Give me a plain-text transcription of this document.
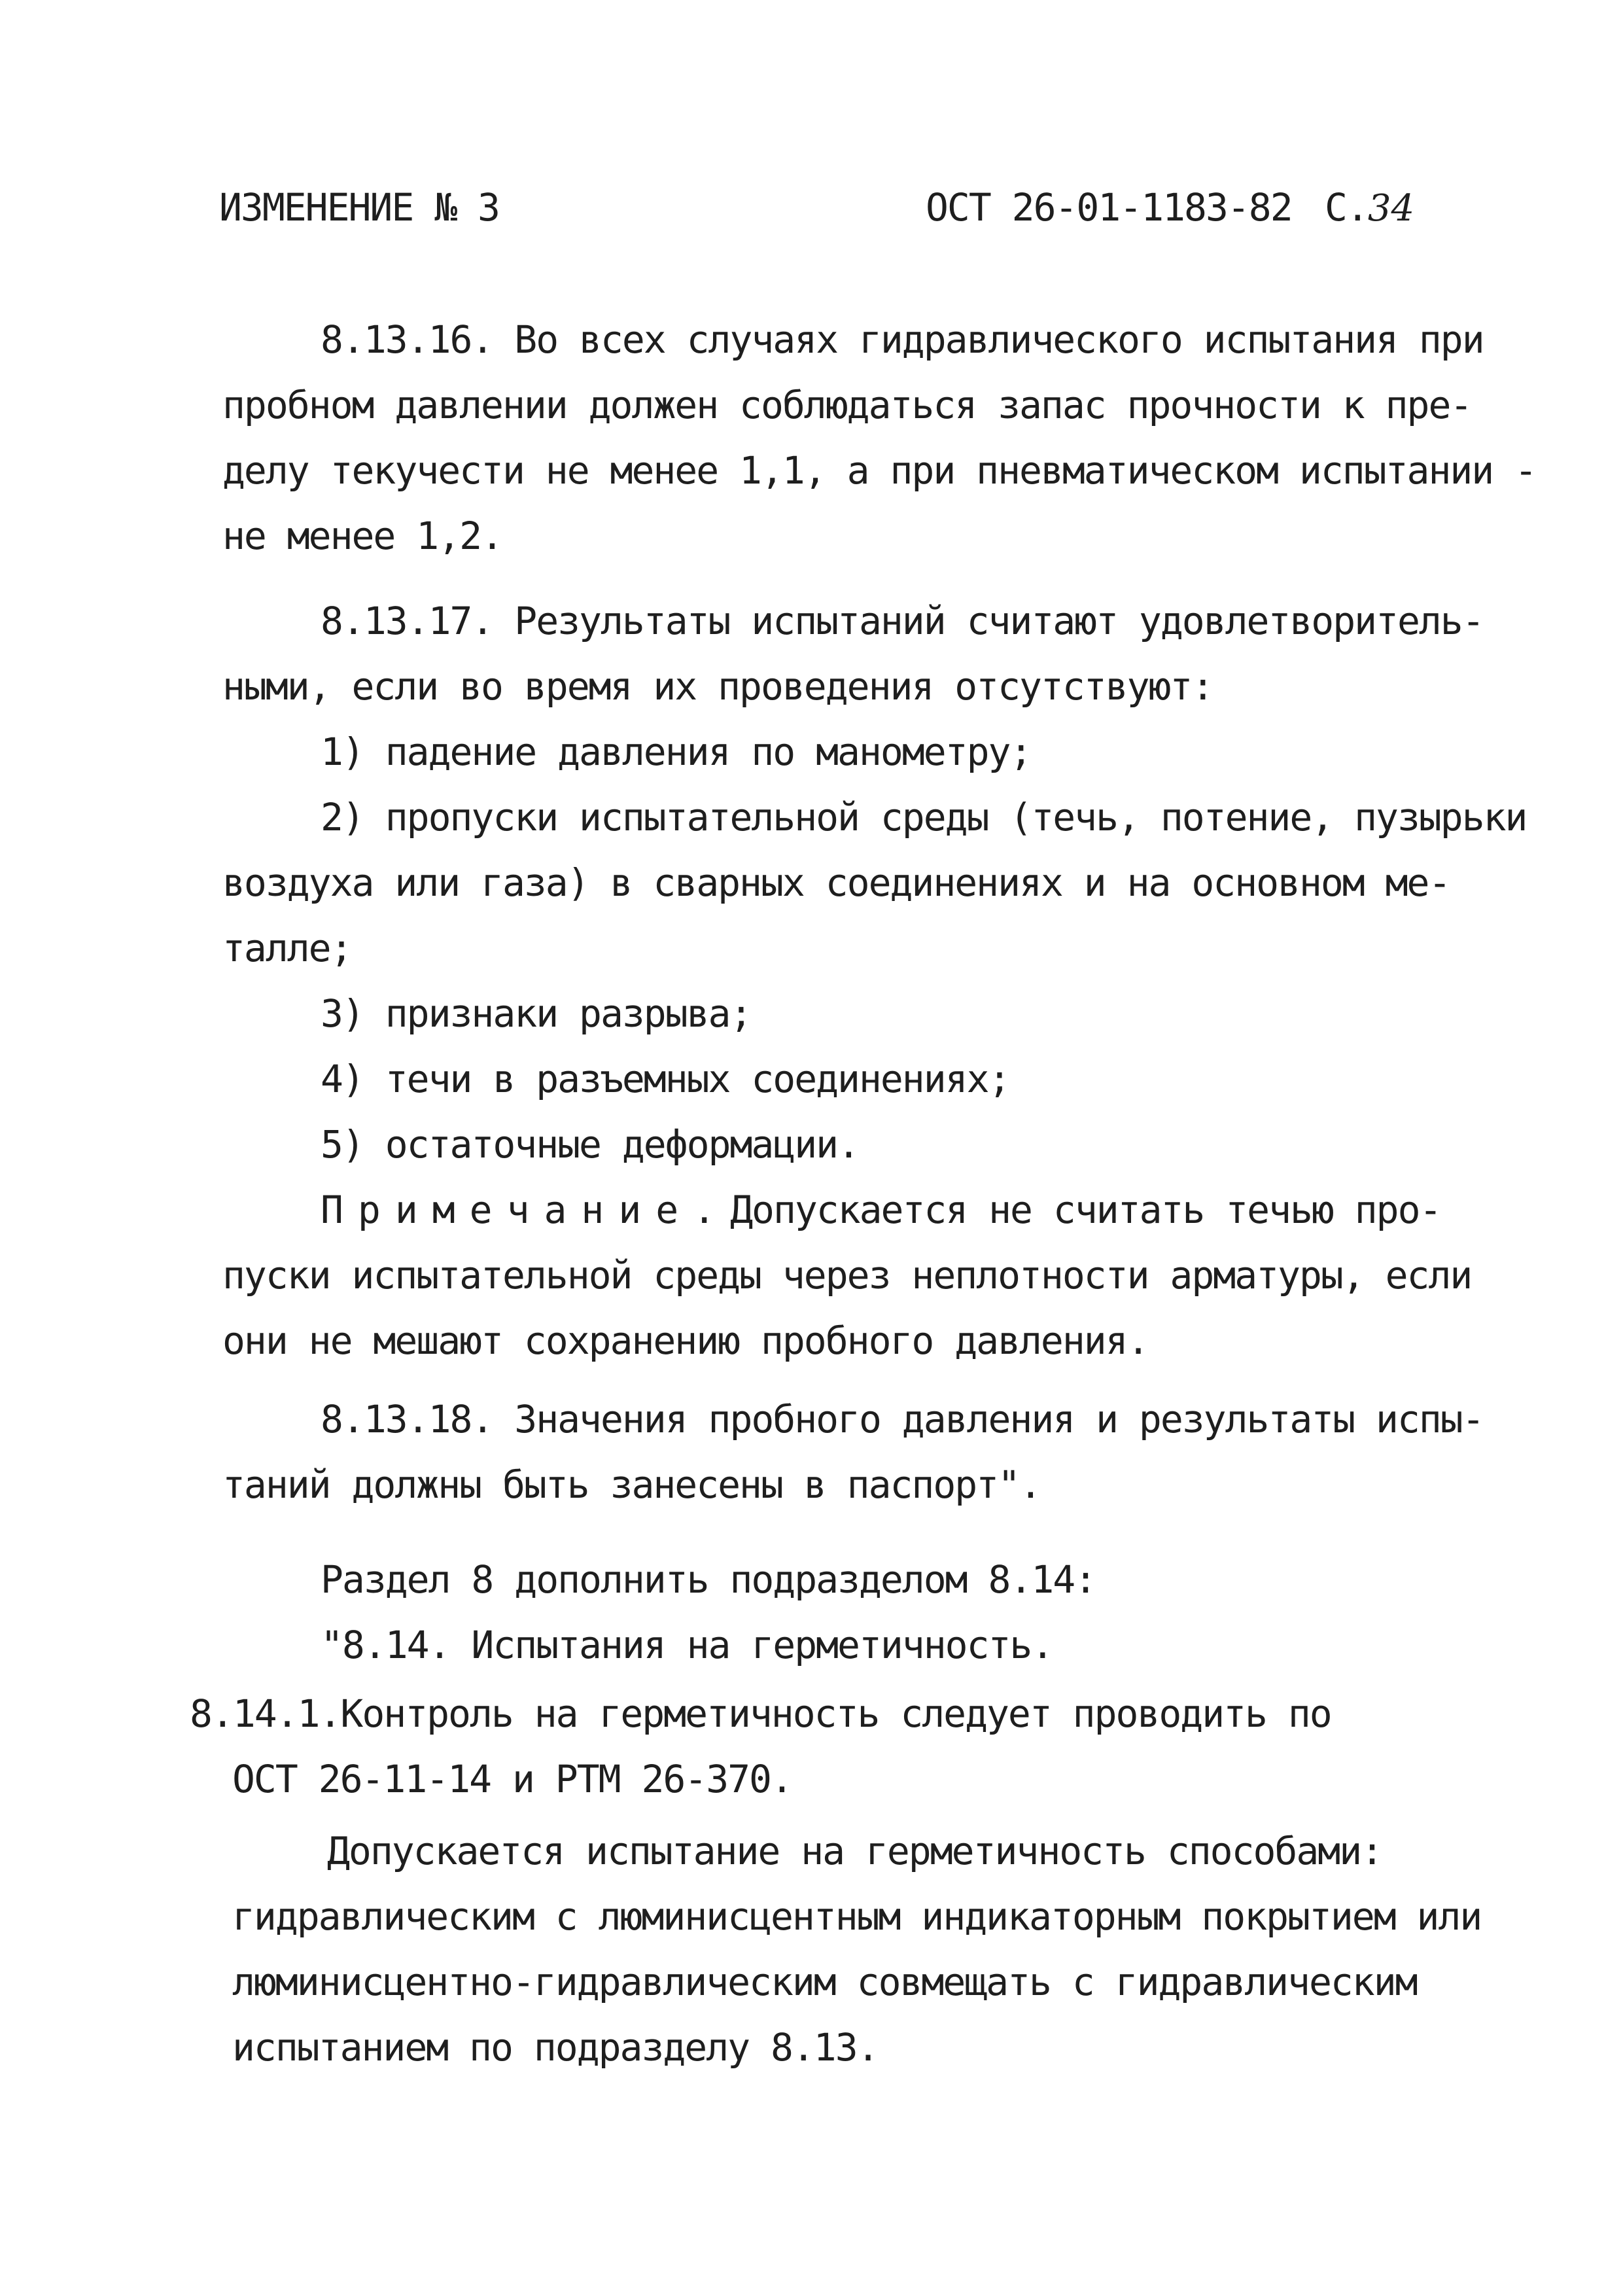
ИЗМЕНЕНИЕ № 3	ОСТ 26-01-1183-82 С.34
8.13.16. Во всех случаях гидравлического испытания при
пробном давлении должен соблюдаться запас прочности к пре-
делу текучести не менее 1,1, а при пневматическом испытании -
не менее 1,2.
8.13.17. Результаты испытаний считают удовлетворитель-
ными, если во время их проведения отсутствуют:
1) падение давления по манометру;
2) пропуски испытательной среды (течь, потение, пузырьки
воздуха или газа) в сварных соединениях и на основном ме-
талле;
3) признаки разрыва;
4) течи в разъемных соединениях;
5) остаточные деформации.
Примечание.Допускается не считать течью про-
пуски испытательной среды через неплотности арматуры, если
они не мешают сохранению пробного давления.
8.13.18. Значения пробного давления и результаты испы-
таний должны быть занесены в паспорт".
Раздел 8 дополнить подразделом 8.14:
"8.14. Испытания на герметичность.
8.14.1.Контроль на герметичность следует проводить по
ОСТ 26-11-14 и РТМ 26-370.
Допускается испытание на герметичность способами:
гидравлическим с люминисцентным индикаторным покрытием или
люминисцентно-гидравлическим совмещать с гидравлическим
испытанием по подразделу 8.13.
